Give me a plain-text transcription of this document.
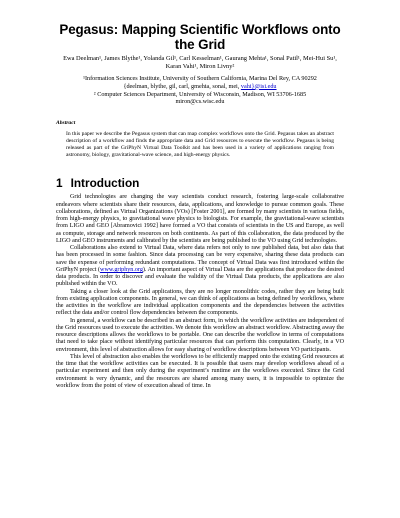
Pegasus: Mapping Scientific Workflows onto the Grid
Ewa Deelman¹, James Blythe¹, Yolanda Gil¹, Carl Kesselman¹, Gaurang Mehta¹, Sonal Patil¹, Mei-Hui Su¹,
Karan Vahi¹, Miron Livny²
¹Information Sciences Institute, University of Southern California, Marina Del Rey, CA 90292
{deelman, blythe, gil, carl, gmehta, sonal, mei, vahi}@isi.edu
² Computer Sciences Department, University of Wisconsin, Madison, WI 53706-1685
miron@cs.wisc.edu
Abstract

In this paper we describe the Pegasus system that can map complex workflows onto the Grid. Pegasus takes an abstract description of a workflow and finds the appropriate data and Grid resources to execute the workflow. Pegasus is being released as part of the GriPhyN Virtual Data Toolkit and has been used in a variety of applications ranging from astronomy, biology, gravitational-wave science, and high-energy physics.

1 Introduction

Grid technologies are changing the way scientists conduct research, fostering large-scale collaborative endeavors where scientists share their resources, data, applications, and knowledge to pursue common goals. These collaborations, defined as Virtual Organizations (VOs) [Foster 2001], are formed by many scientists in various fields, from high-energy physics, to gravitational wave physics to biologists. For example, the gravitational-wave scientists from LIGO and GEO [Abramovici 1992] have formed a VO that consists of scientists in the US and Europe, as well as compute, storage and network resources on both continents. As part of this collaboration, the data produced by the LIGO and GEO instruments and calibrated by the scientists are being published to the VO using Grid technologies.

Collaborations also extend to Virtual Data, where data refers not only to raw published data, but also data that has been processed in some fashion. Since data processing can be very expensive, sharing these data products can save the expense of performing redundant computations. The concept of Virtual Data was first introduced within the GriPhyN project (www.griphyn.org). An important aspect of Virtual Data are the applications that produce the desired data products. In order to discover and evaluate the validity of the Virtual Data products, the applications are also published within the VO.

Taking a closer look at the Grid applications, they are no longer monolithic codes, rather they are being built from existing application components. In general, we can think of applications as being defined by workflows, where the activities in the workflow are individual application components and the dependencies between the activities reflect the data and/or control flow dependencies between the components.

In general, a workflow can be described in an abstract form, in which the workflow activities are independent of the Grid resources used to execute the activities. We denote this workflow an abstract workflow. Abstracting away the resource descriptions allows the workflows to be portable. One can describe the workflow in terms of computations that need to take place without identifying particular resources that can perform this computation. Clearly, in a VO environment, this level of abstraction allows for easy sharing of workflow descriptions between VO participants.

This level of abstraction also enables the workflows to be efficiently mapped onto the existing Grid resources at the time that the workflow activities can be executed. It is possible that users may develop workflows ahead of a particular experiment and then only during the experiment’s runtime are the workflows executed. Since the Grid environment is very dynamic, and the resources are shared among many users, it is impossible to optimize the workflow from the point of view of execution ahead of time. In
